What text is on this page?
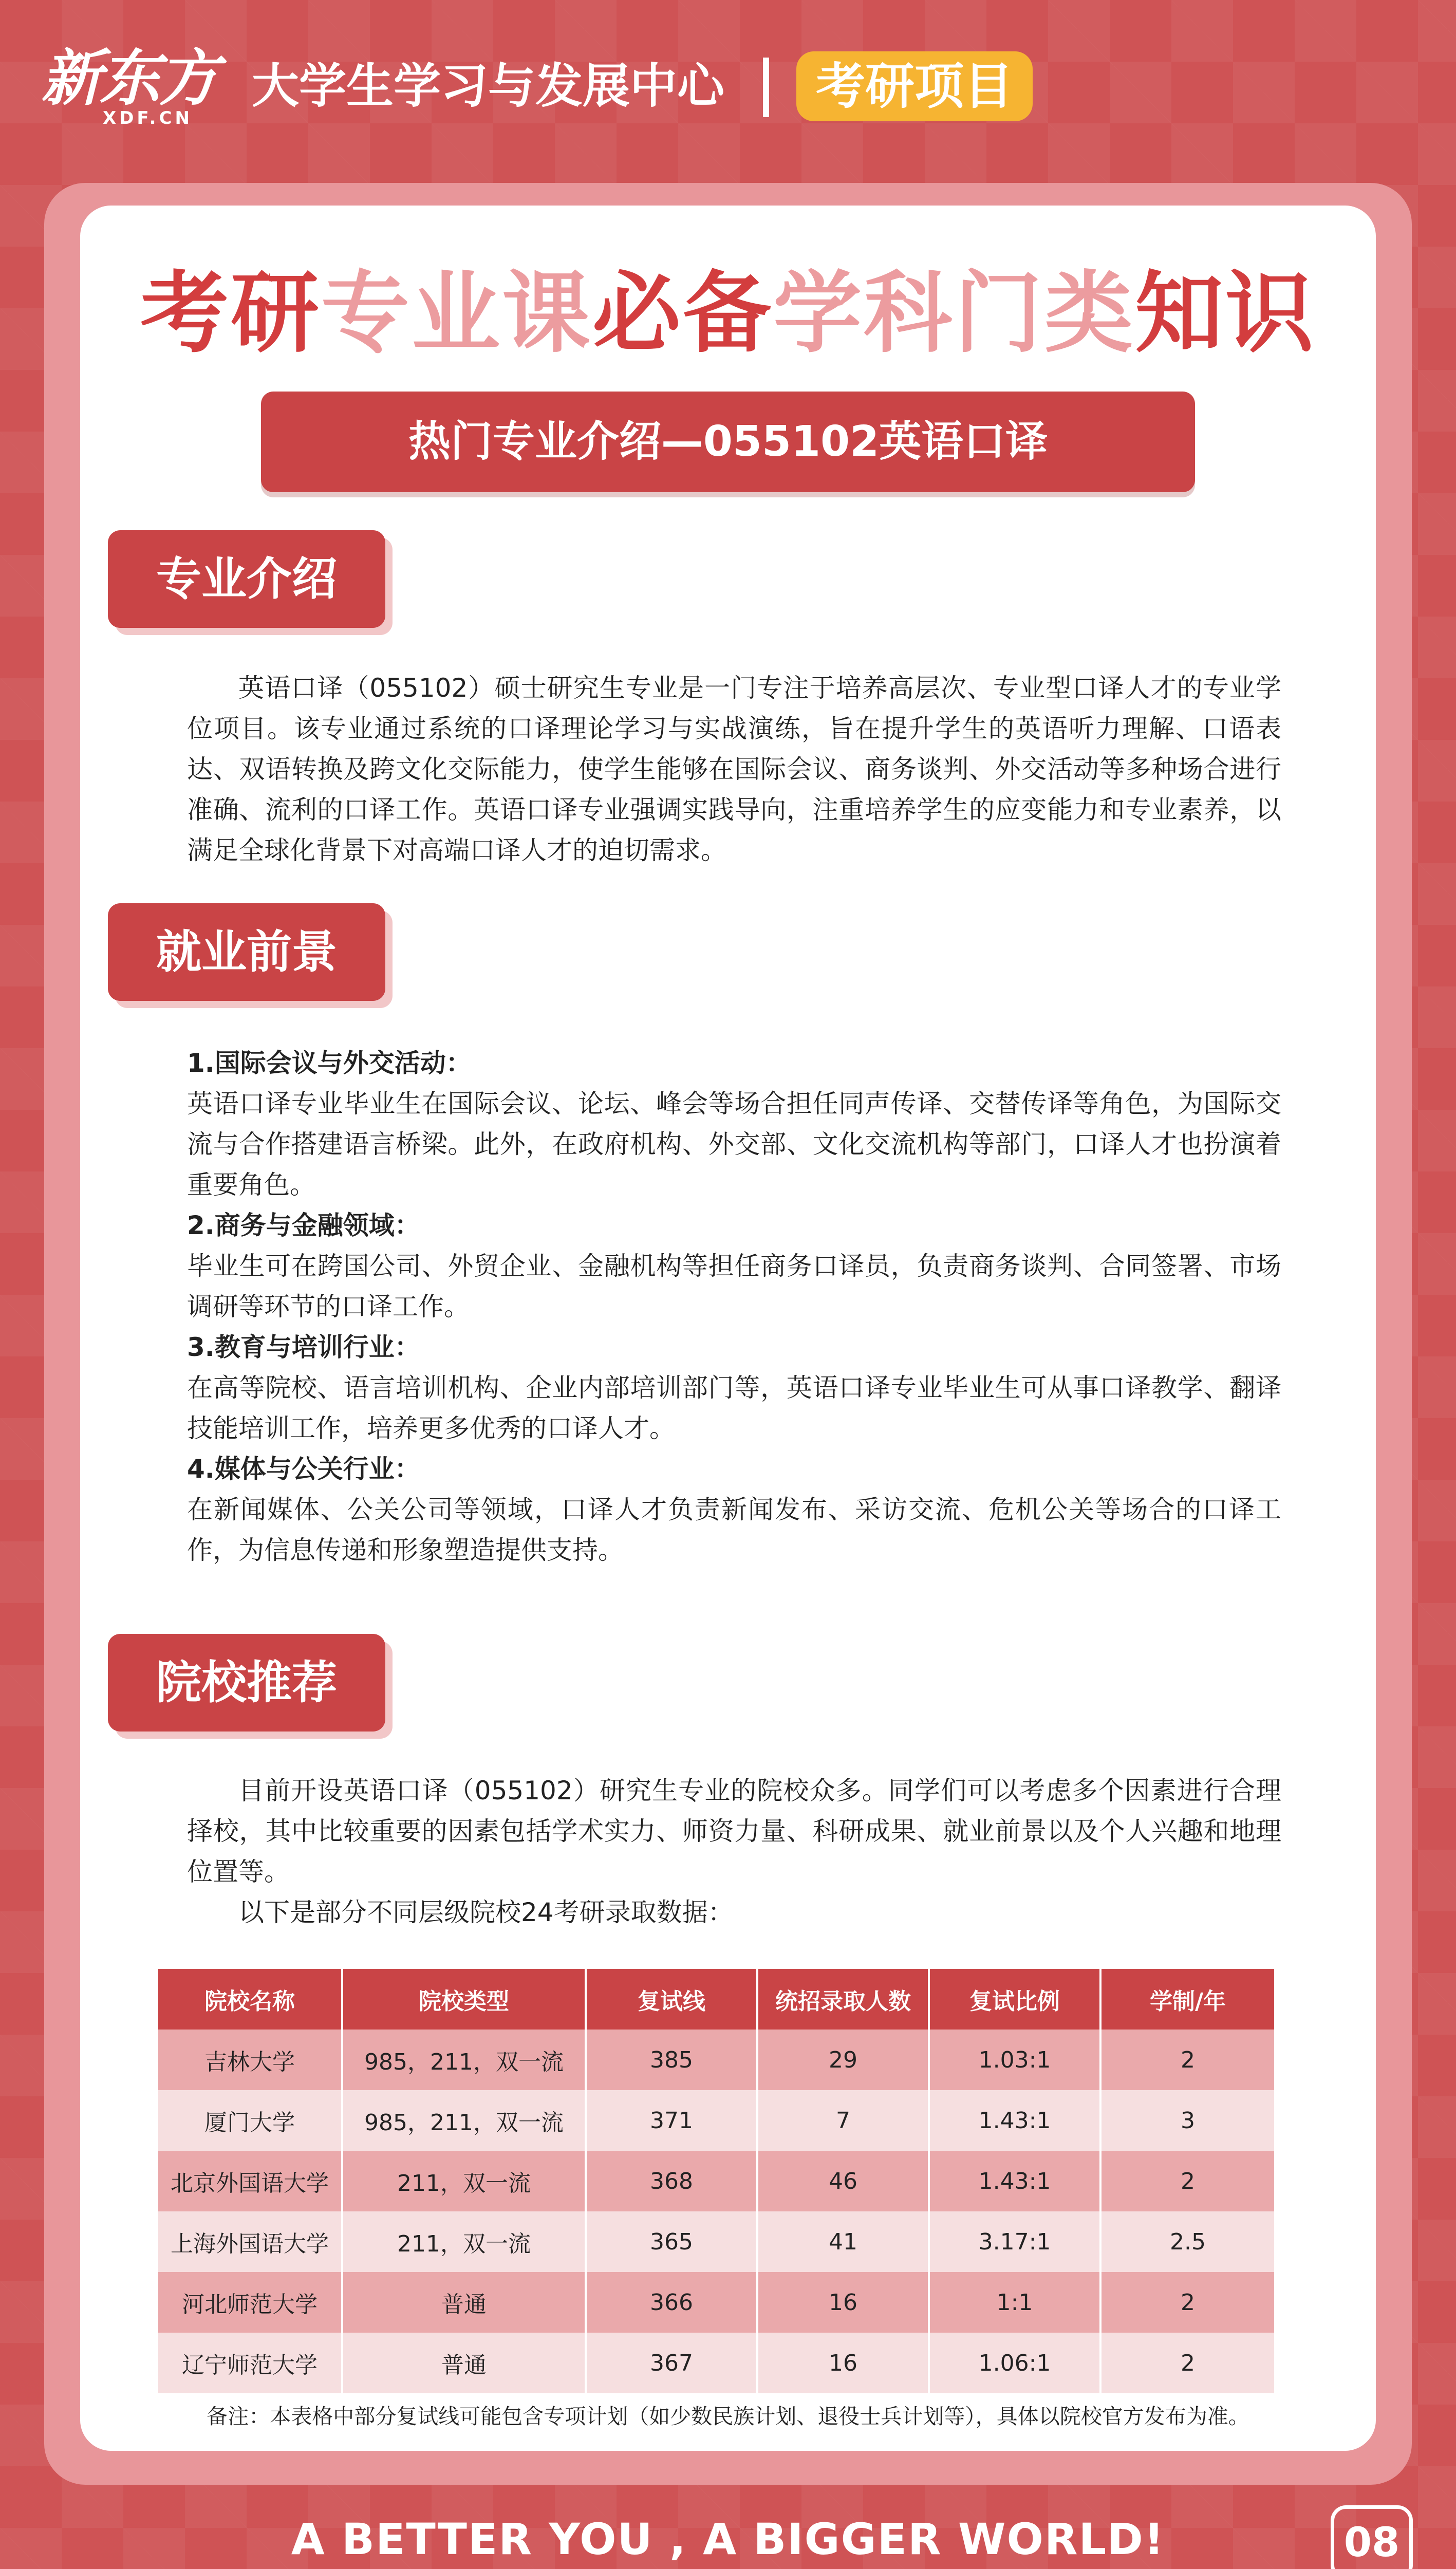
新东方
XDF.CN
大学生学习与发展中心	考研项目
考研专业课必备学科门类知识
热门专业介绍—055102英语口译
专业介绍
英语口译（055102）硕士研究生专业是一门专注于培养高层次、专业型口译人才的专业学位项目。该专业通过系统的口译理论学习与实战演练，旨在提升学生的英语听力理解、口语表达、双语转换及跨文化交际能力，使学生能够在国际会议、商务谈判、外交活动等多种场合进行准确、流利的口译工作。英语口译专业强调实践导向，注重培养学生的应变能力和专业素养，以满足全球化背景下对高端口译人才的迫切需求。
就业前景

1.国际会议与外交活动：

英语口译专业毕业生在国际会议、论坛、峰会等场合担任同声传译、交替传译等角色，为国际交流与合作搭建语言桥梁。此外，在政府机构、外交部、文化交流机构等部门，口译人才也扮演着重要角色。

2.商务与金融领域：

毕业生可在跨国公司、外贸企业、金融机构等担任商务口译员，负责商务谈判、合同签署、市场调研等环节的口译工作。

3.教育与培训行业：

在高等院校、语言培训机构、企业内部培训部门等，英语口译专业毕业生可从事口译教学、翻译技能培训工作，培养更多优秀的口译人才。

4.媒体与公关行业：

在新闻媒体、公关公司等领域，口译人才负责新闻发布、采访交流、危机公关等场合的口译工作，为信息传递和形象塑造提供支持。

院校推荐
目前开设英语口译（055102）研究生专业的院校众多。同学们可以考虑多个因素进行合理择校，其中比较重要的因素包括学术实力、师资力量、科研成果、就业前景以及个人兴趣和地理位置等。
以下是部分不同层级院校24考研录取数据：
院校名称	院校类型	复试线	统招录取人数	复试比例	学制/年
吉林大学	985，211，双一流	385	29	1.03:1	2
厦门大学	985，211，双一流	371	7	1.43:1	3
北京外国语大学	211，双一流	368	46	1.43:1	2
上海外国语大学	211，双一流	365	41	3.17:1	2.5
河北师范大学	普通	366	16	1:1	2
辽宁师范大学	普通	367	16	1.06:1	2
备注：本表格中部分复试线可能包含专项计划（如少数民族计划、退役士兵计划等），具体以院校官方发布为准。
A BETTER YOU , A BIGGER WORLD!	08
